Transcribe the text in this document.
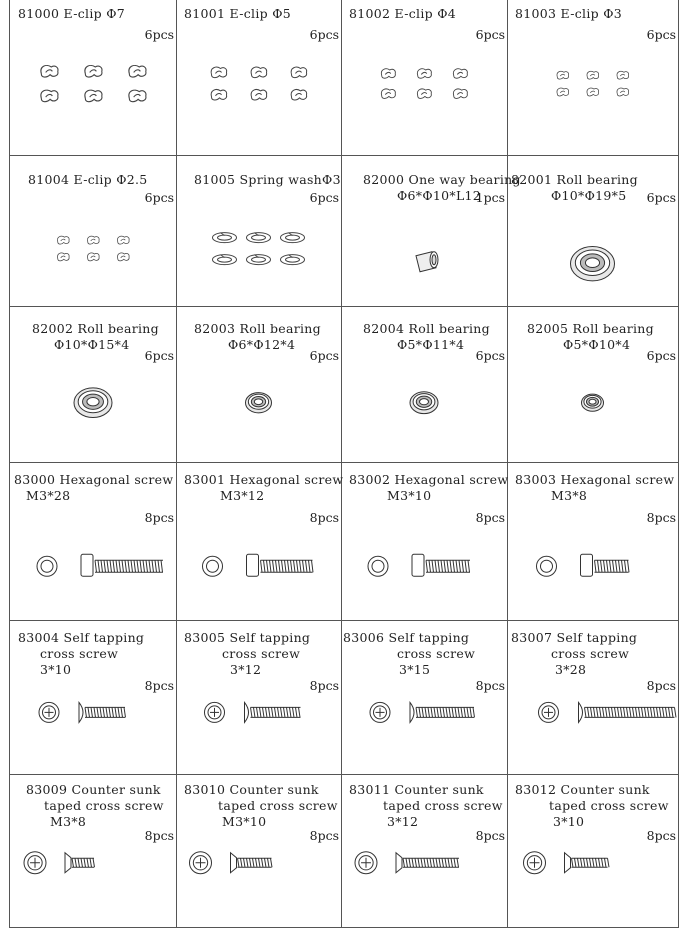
81000 E-clip Φ7
6pcs
81001 E-clip Φ5
6pcs
81002 E-clip Φ4
6pcs
81003 E-clip Φ3
6pcs
81004 E-clip Φ2.5
6pcs
81005 Spring washΦ3
6pcs
82000 One way bearing
Φ6*Φ10*L12
1pcs
82001 Roll bearing
Φ10*Φ19*5 6pcs
82002 Roll bearing
Φ10*Φ15*4
6pcs
82003 Roll bearing
Φ6*Φ12*4
6pcs
82004 Roll bearing
Φ5*Φ11*4
6pcs
82005 Roll bearing
Φ5*Φ10*4
6pcs
83000 Hexagonal screw
M3*28
8pcs
83001 Hexagonal screw
M3*12
8pcs
83002 Hexagonal screw
M3*10
8pcs
83003 Hexagonal screw
M3*8
8pcs
83004 Self tapping
cross screw
3*10
8pcs
83005 Self tapping
cross screw
3*12
8pcs
83006 Self tapping
cross screw
3*15
8pcs
83007 Self tapping
cross screw
3*28
8pcs
83009 Counter sunk
taped cross screw
M3*8
8pcs
83010 Counter sunk
taped cross screw
M3*10
8pcs
83011 Counter sunk
taped cross screw
3*12
8pcs
83012 Counter sunk
taped cross screw
3*10
8pcs
